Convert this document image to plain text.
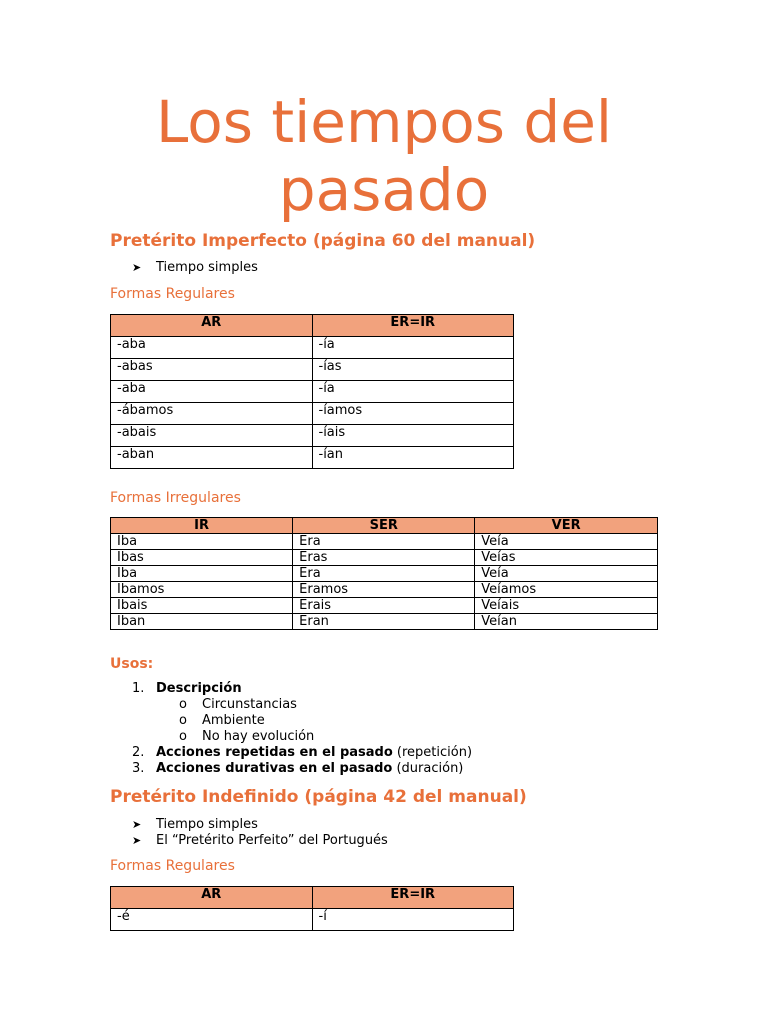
Los tiempos del
pasado
Pretérito Imperfecto (página 60 del manual)
➤ Tiempo simples
Formas Regulares
AR	ER=IR
-aba	-ía
-abas	-ías
-aba	-ía
-ábamos	-íamos
-abais	-íais
-aban	-ían
Formas Irregulares
IR	SER	VER
Iba	Era	Veía
Ibas	Eras	Veías
Iba	Era	Veía
Ibamos	Eramos	Veíamos
Ibais	Erais	Veíais
Iban	Eran	Veían
Usos:
1. Descripción
o Circunstancias
o Ambiente
o No hay evolución
2. Acciones repetidas en el pasado (repetición)
3. Acciones durativas en el pasado (duración)
Pretérito Indefinido (página 42 del manual)
➤ Tiempo simples
➤ El “Pretérito Perfeito” del Portugués
Formas Regulares
AR	ER=IR
-é	-í
